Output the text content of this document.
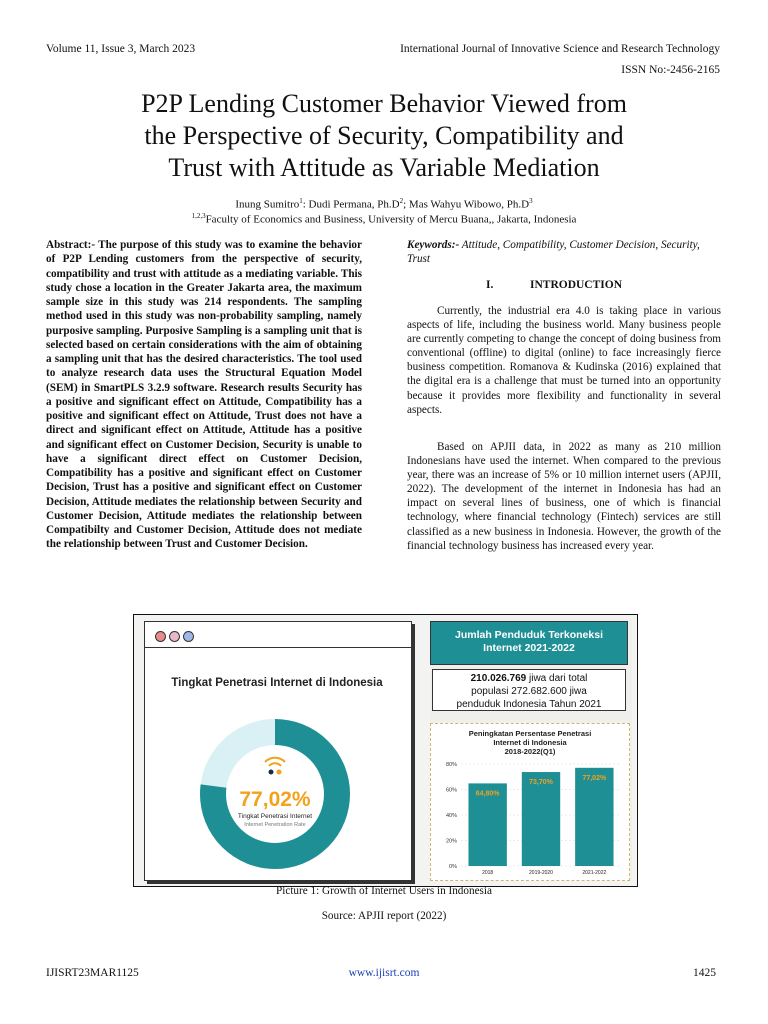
Volume 11, Issue 3, March 2023	International Journal of Innovative Science and Research Technology
ISSN No:-2456-2165
P2P Lending Customer Behavior Viewed from
the Perspective of Security, Compatibility and
Trust with Attitude as Variable Mediation
Inung Sumitro$^1$: Dudi Permana, $Ph.D^2$; Mas Wahyu Wibowo, $Ph.D^3$
$^{1,2,3}$Faculty of Economics and Business, University of Mercu Buana,, Jakarta, Indonesia
Abstract:- The purpose of this study was to examine the behavior of P2P Lending customers from the perspective of security, compatibility and trust with attitude as a mediating variable. This study chose a location in the Greater Jakarta area, the maximum sample size in this study was 214 respondents. The sampling method used in this study was non-probability sampling, namely purposive sampling. Purposive Sampling is a sampling unit that is selected based on certain considerations with the aim of obtaining a sampling unit that has the desired characteristics. The tool used to analyze research data uses the Structural Equation Model (SEM) in SmartPLS 3.2.9 software. Research results Security has a positive and significant effect on Attitude, Compatibility has a positive and significant effect on Attitude, Trust does not have a direct and significant effect on Attitude, Attitude has a positive and significant effect on Customer Decision, Security is unable to have a significant direct effect on Customer Decision, Compatibility has a positive and significant effect on Customer Decision, Trust has a positive and significant effect on Customer Decision, Attitude mediates the relationship between Security and Customer Decision, Attitude mediates the relationship between Compatibilty and Customer Decision, Attitude does not mediate the relationship between Trust and Customer Decision.
Keywords:- Attitude, Compatibility, Customer Decision, Security, Trust
I.	INTRODUCTION
Currently, the industrial era 4.0 is taking place in various aspects of life, including the business world. Many business people are currently competing to change the concept of doing business from conventional (offline) to digital (online) to face increasingly fierce business competition. Romanova & Kudinska (2016) explained that the digital era is a challenge that must be turned into an opportunity because it provides more flexibility and functionality in several aspects.
Based on APJII data, in 2022 as many as 210 million Indonesians have used the internet. When compared to the previous year, there was an increase of 5% or 10 million internet users (APJII, 2022). The development of the internet in Indonesia has had an impact on several lines of business, one of which is financial technology, where financial technology (Fintech) services are still classified as a new business in Indonesia. However, the growth of the financial technology business has increased every year.
Tingkat Penetrasi Internet di Indonesia
77,02%
Tingkat Penetrasi Internet
Internet Penetration Rate
Jumlah Penduduk Terkoneksi
Internet 2021-2022
210.026.769 jiwa dari total
populasi 272.682.600 jiwa
penduduk Indonesia Tahun 2021
Peningkatan Persentase Penetrasi
Internet di Indonesia
2018-2022(Q1)
0%
20%
40%
60%
80%
64,80%
2018
73,70%
2019-2020
77,02%
2021-2022
Picture 1: Growth of Internet Users in Indonesia
Source: APJII report (2022)
IJISRT23MAR1125	www.ijisrt.com	1425
